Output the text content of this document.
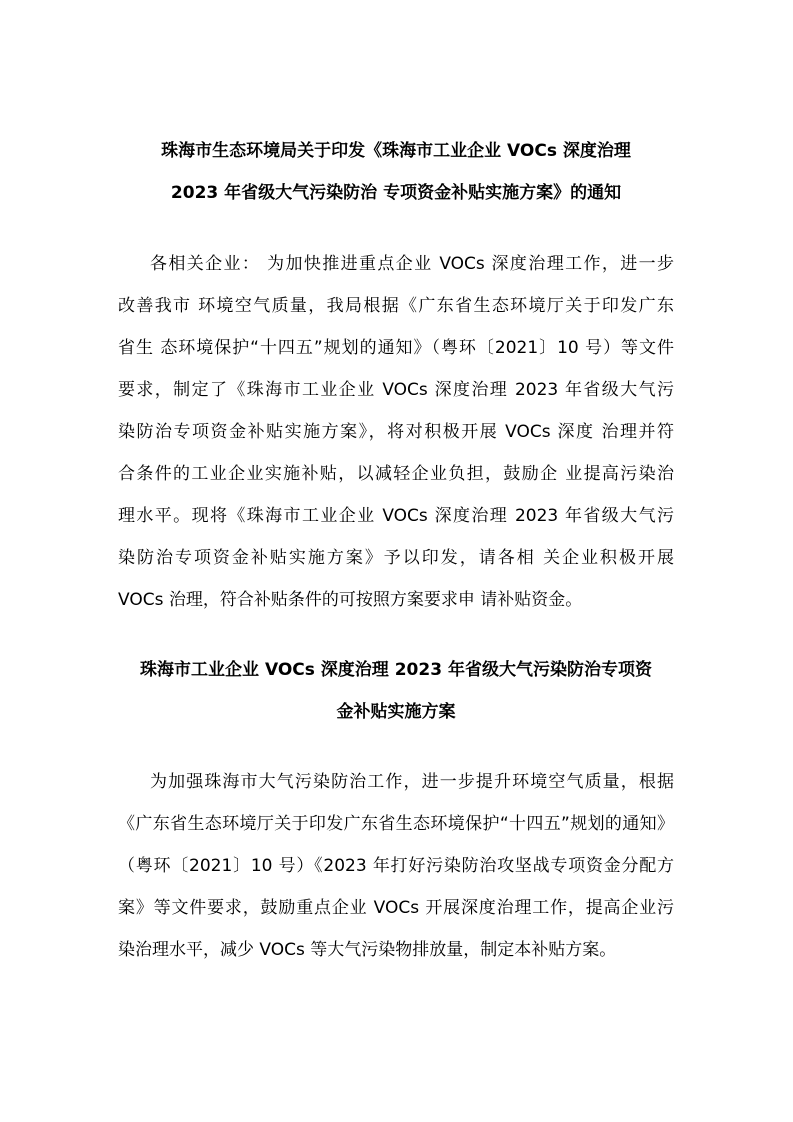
珠海市生态环境局关于印发《珠海市工业企业 VOCs 深度治理
2023 年省级大气污染防治 专项资金补贴实施方案》的通知

各相关企业： 为加快推进重点企业 VOCs 深度治理工作，进一步

改善我市 环境空气质量，我局根据《广东省生态环境厅关于印发广东

省生 态环境保护“十四五”规划的通知》（粤环〔2021〕10 号）等文件

要求，制定了《珠海市工业企业 VOCs 深度治理 2023 年省级大气污

染防治专项资金补贴实施方案》，将对积极开展 VOCs 深度 治理并符

合条件的工业企业实施补贴，以减轻企业负担，鼓励企 业提高污染治

理水平。现将《珠海市工业企业 VOCs 深度治理 2023 年省级大气污

染防治专项资金补贴实施方案》予以印发，请各相 关企业积极开展

VOCs 治理，符合补贴条件的可按照方案要求申 请补贴资金。

珠海市工业企业 VOCs 深度治理 2023 年省级大气污染防治专项资
金补贴实施方案

为加强珠海市大气污染防治工作，进一步提升环境空气质量，根据

《广东省生态环境厅关于印发广东省生态环境保护“十四五”规划的通知》

（粤环〔2021〕10 号）《2023 年打好污染防治攻坚战专项资金分配方

案》等文件要求，鼓励重点企业 VOCs 开展深度治理工作，提高企业污

染治理水平，减少 VOCs 等大气污染物排放量，制定本补贴方案。
